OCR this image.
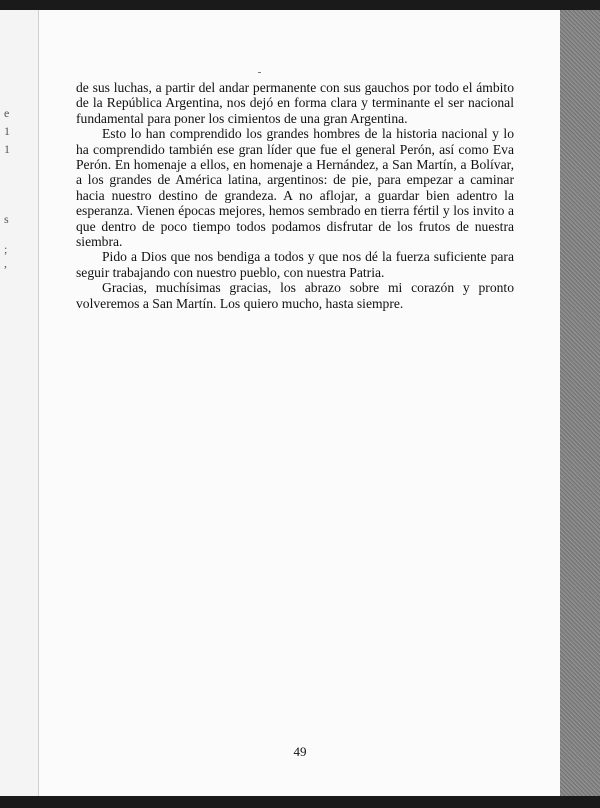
e
1
1
s
;
,

de sus luchas, a partir del andar permanente con sus gauchos por todo el ámbito de la República Argentina, nos dejó en forma clara y terminante el ser nacional fundamental para poner los cimientos de una gran Argentina.

Esto lo han comprendido los grandes hombres de la historia nacional y lo ha comprendido también ese gran líder que fue el general Perón, así como Eva Perón. En homenaje a ellos, en homenaje a Hernández, a San Martín, a Bolívar, a los grandes de América latina, argentinos: de pie, para empezar a caminar hacia nuestro destino de grandeza. A no aflojar, a guardar bien adentro la esperanza. Vienen épocas mejores, hemos sembrado en tierra fértil y los invito a que dentro de poco tiempo todos podamos disfrutar de los frutos de nuestra siembra.

Pido a Dios que nos bendiga a todos y que nos dé la fuerza suficiente para seguir trabajando con nuestro pueblo, con nuestra Patria.

Gracias, muchísimas gracias, los abrazo sobre mi corazón y pronto volveremos a San Martín. Los quiero mucho, hasta siempre.

49
